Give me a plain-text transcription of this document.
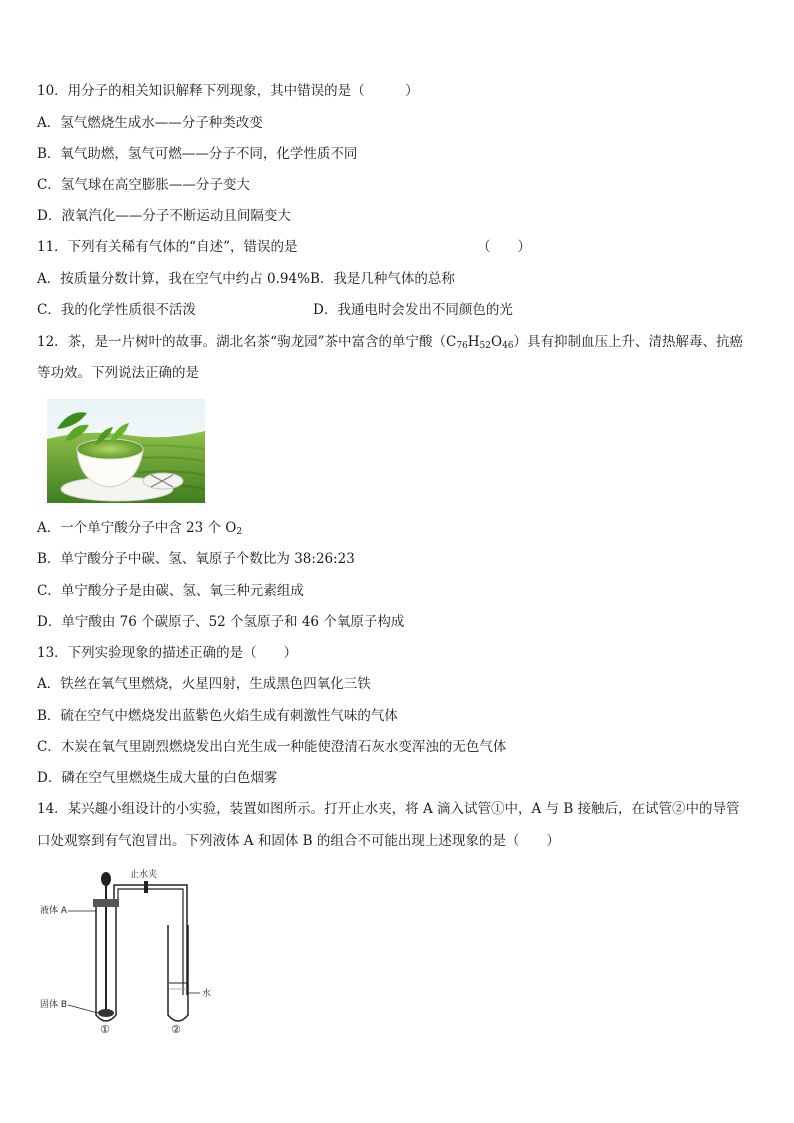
10．用分子的相关知识解释下列现象，其中错误的是（　　　）
A．氢气燃烧生成水——分子种类改变
B．氧气助燃，氢气可燃——分子不同，化学性质不同
C．氢气球在高空膨胀——分子变大
D．液氧汽化——分子不断运动且间隔变大
11．下列有关稀有气体的“自述”，错误的是	（　　）
A．按质量分数计算，我在空气中约占 0.94% B．我是几种气体的总称
C．我的化学性质很不活泼	D．我通电时会发出不同颜色的光
12．茶，是一片树叶的故事。湖北名茶“驹龙园”茶中富含的单宁酸$(C_{76}H_{52}O_{46})$具有抑制血压上升、清热解毒、抗癌
等功效。下列说法正确的是
A．一个单宁酸分子中含 23 个 $O_2$
B．单宁酸分子中碳、氢、氧原子个数比为 38:26:23
C．单宁酸分子是由碳、氢、氧三种元素组成
D．单宁酸由 76 个碳原子、52 个氢原子和 46 个氧原子构成
13．下列实验现象的描述正确的是（　　）
A．铁丝在氧气里燃烧，火星四射，生成黑色四氧化三铁
B．硫在空气中燃烧发出蓝紫色火焰生成有刺激性气味的气体
C．木炭在氧气里剧烈燃烧发出白光生成一种能使澄清石灰水变浑浊的无色气体
D．磷在空气里燃烧生成大量的白色烟雾
14．某兴趣小组设计的小实验，装置如图所示。打开止水夹，将 A 滴入试管①中，A 与 B 接触后，在试管②中的导管
口处观察到有气泡冒出。下列液体 A 和固体 B 的组合不可能出现上述现象的是（　　）
止水夹
液体 A
固体 B
水
①	②
